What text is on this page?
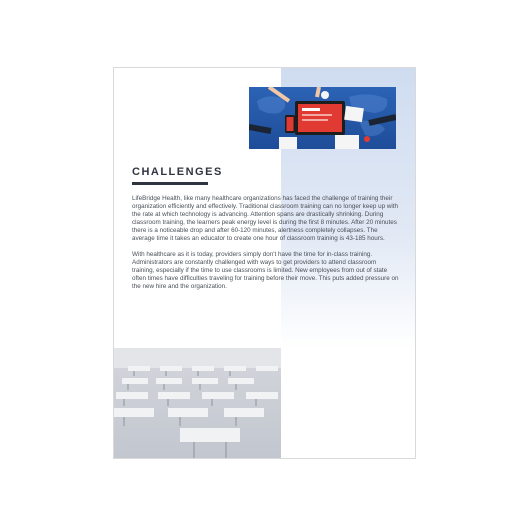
CHALLENGES

LifeBridge Health, like many healthcare organizations has faced the challenge of training their organization efficiently and effectively. Traditional classroom training can no longer keep up with the rate at which technology is advancing. Attention spans are drastically shrinking. During classroom training, the learners peak energy level is during the first 8 minutes. After 20 minutes there is a noticeable drop and after 60-120 minutes, alertness completely collapses. The average time it takes an educator to create one hour of classroom training is 43-185 hours.

With healthcare as it is today, providers simply don't have the time for in-class training. Administrators are constantly challenged with ways to get providers to attend classroom training, especially if the time to use classrooms is limited. New employees from out of state often times have difficulties traveling for training before their move. This puts added pressure on the new hire and the organization.
